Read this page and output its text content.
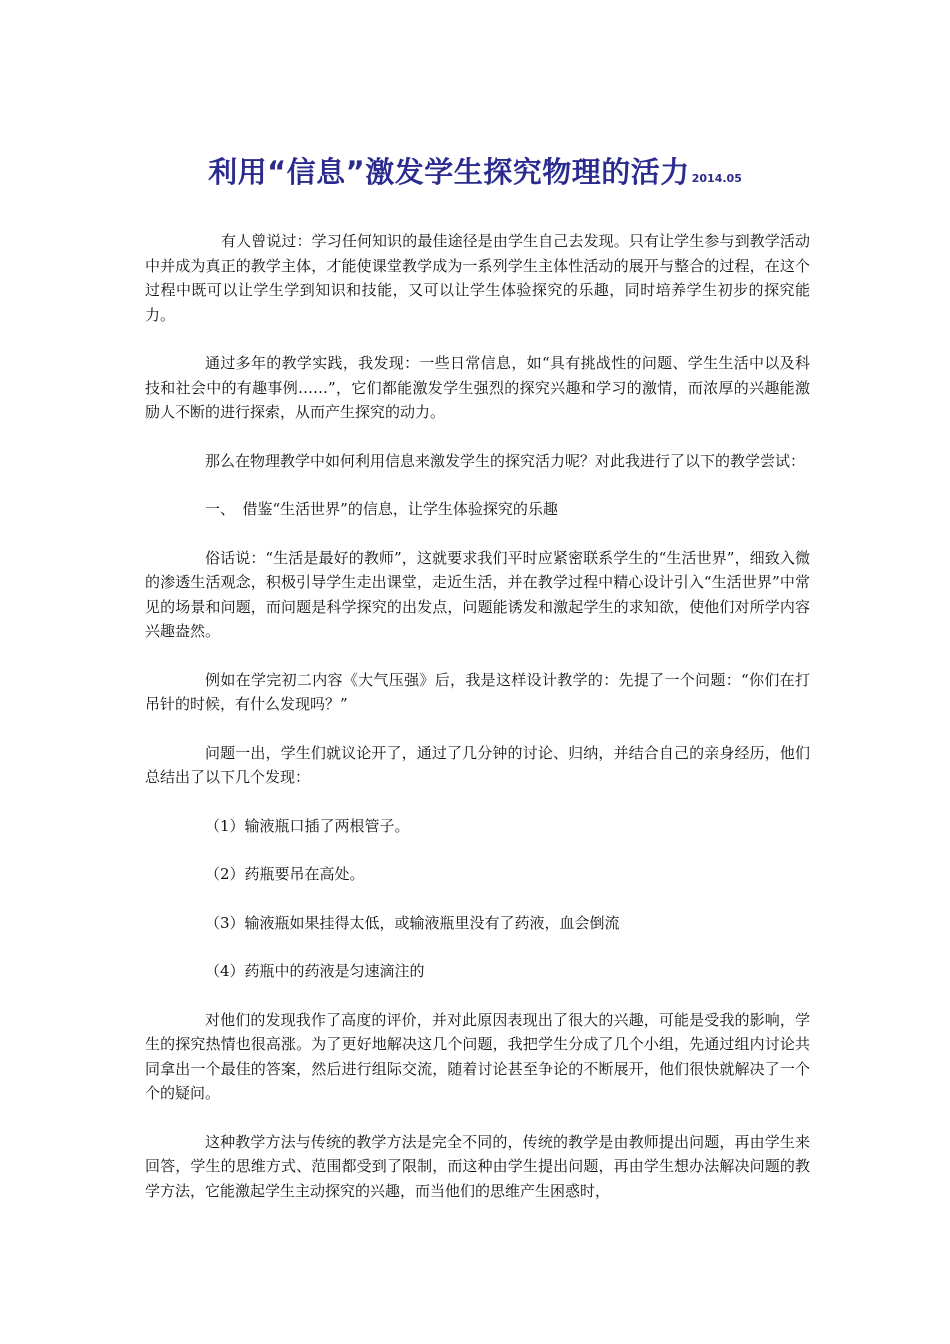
利用“信息”激发学生探究物理的活力 2014.05

有人曾说过：学习任何知识的最佳途径是由学生自己去发现。只有让学生参与到教学活动中并成为真正的教学主体，才能使课堂教学成为一系列学生主体性活动的展开与整合的过程，在这个过程中既可以让学生学到知识和技能，又可以让学生体验探究的乐趣，同时培养学生初步的探究能力。

通过多年的教学实践，我发现：一些日常信息，如“具有挑战性的问题、学生生活中以及科技和社会中的有趣事例……”，它们都能激发学生强烈的探究兴趣和学习的激情，而浓厚的兴趣能激励人不断的进行探索，从而产生探究的动力。

那么在物理教学中如何利用信息来激发学生的探究活力呢？对此我进行了以下的教学尝试：

一、　借鉴“生活世界”的信息，让学生体验探究的乐趣

俗话说：“生活是最好的教师”，这就要求我们平时应紧密联系学生的“生活世界”，细致入微的渗透生活观念，积极引导学生走出课堂，走近生活，并在教学过程中精心设计引入“生活世界”中常见的场景和问题，而问题是科学探究的出发点，问题能诱发和激起学生的求知欲，使他们对所学内容兴趣盎然。

例如在学完初二内容《大气压强》后，我是这样设计教学的：先提了一个问题：“你们在打吊针的时候，有什么发现吗？”

问题一出，学生们就议论开了，通过了几分钟的讨论、归纳，并结合自己的亲身经历，他们总结出了以下几个发现：

（1）输液瓶口插了两根管子。

（2）药瓶要吊在高处。

（3）输液瓶如果挂得太低，或输液瓶里没有了药液，血会倒流

（4）药瓶中的药液是匀速滴注的

对他们的发现我作了高度的评价，并对此原因表现出了很大的兴趣，可能是受我的影响，学生的探究热情也很高涨。为了更好地解决这几个问题，我把学生分成了几个小组，先通过组内讨论共同拿出一个最佳的答案，然后进行组际交流，随着讨论甚至争论的不断展开，他们很快就解决了一个个的疑问。

这种教学方法与传统的教学方法是完全不同的，传统的教学是由教师提出问题，再由学生来回答，学生的思维方式、范围都受到了限制，而这种由学生提出问题，再由学生想办法解决问题的教学方法，它能激起学生主动探究的兴趣，而当他们的思维产生困惑时，
